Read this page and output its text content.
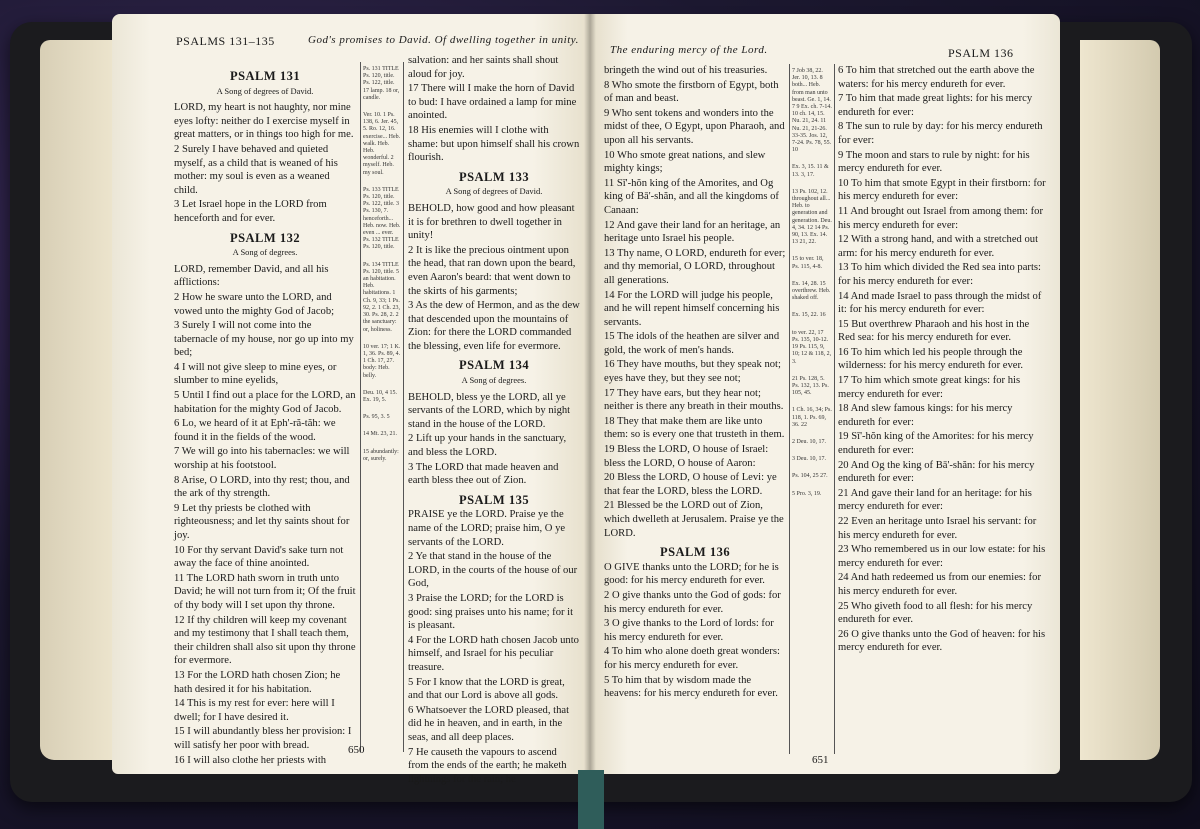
PSALMS 131–135	God's promises to David. Of dwelling together in unity.
PSALM 131
A Song of degrees of David.

LORD, my heart is not haughty, nor mine eyes lofty: neither do I exercise myself in great matters, or in things too high for me.

2 Surely I have behaved and quieted myself, as a child that is weaned of his mother: my soul is even as a weaned child.

3 Let Israel hope in the LORD from henceforth and for ever.

PSALM 132
A Song of degrees.

LORD, remember David, and all his afflictions:

2 How he sware unto the LORD, and vowed unto the mighty God of Jacob;

3 Surely I will not come into the tabernacle of my house, nor go up into my bed;

4 I will not give sleep to mine eyes, or slumber to mine eyelids,

5 Until I find out a place for the LORD, an habitation for the mighty God of Jacob.

6 Lo, we heard of it at Eph'-ră-tăh: we found it in the fields of the wood.

7 We will go into his tabernacles: we will worship at his footstool.

8 Arise, O LORD, into thy rest; thou, and the ark of thy strength.

9 Let thy priests be clothed with righteousness; and let thy saints shout for joy.

10 For thy servant David's sake turn not away the face of thine anointed.

11 The LORD hath sworn in truth unto David; he will not turn from it; Of the fruit of thy body will I set upon thy throne.

12 If thy children will keep my covenant and my testimony that I shall teach them, their children shall also sit upon thy throne for evermore.

13 For the LORD hath chosen Zion; he hath desired it for his habitation.

14 This is my rest for ever: here will I dwell; for I have desired it.

15 I will abundantly bless her provision: I will satisfy her poor with bread.

16 I will also clothe her priests with

Ps. 131 TITLE Ps. 120, title. Ps. 122, title. 17 lamp. 18 or, candle.
Ver. 10. 1 Ps. 138, 6. Jer. 45, 5. Ro. 12, 16. exercise... Heb. walk. Heb. Heb. wonderful. 2 myself. Heb. my soul.
Ps. 133 TITLE Ps. 120, title. Ps. 122, title. 3 Ps. 130, 7. henceforth... Heb. now. Heb. even ... ever. Ps. 132 TITLE Ps. 120, title.
Ps. 134 TITLE Ps. 120, title. 5 an habitation. Heb. habitations. 1 Ch. 9, 33; 1 Ps. 92, 2. 1 Ch. 23, 30. Ps. 28, 2. 2 the sanctuary: or, holiness.
10 ver. 17; 1 K. 1, 36. Ps. 89, 4. 1 Ch. 17, 27. body: Heb. belly.
Deu. 10, 4 15. Ex. 19, 5.
Ps. 95, 3. 5
14 Mt. 23, 21.
15 abundantly: or, surely.

salvation: and her saints shall shout aloud for joy.

17 There will I make the horn of David to bud: I have ordained a lamp for mine anointed.

18 His enemies will I clothe with shame: but upon himself shall his crown flourish.

PSALM 133
A Song of degrees of David.

BEHOLD, how good and how pleasant it is for brethren to dwell together in unity!

2 It is like the precious ointment upon the head, that ran down upon the beard, even Aaron's beard: that went down to the skirts of his garments;

3 As the dew of Hermon, and as the dew that descended upon the mountains of Zion: for there the LORD commanded the blessing, even life for evermore.

PSALM 134
A Song of degrees.

BEHOLD, bless ye the LORD, all ye servants of the LORD, which by night stand in the house of the LORD.

2 Lift up your hands in the sanctuary, and bless the LORD.

3 The LORD that made heaven and earth bless thee out of Zion.

PSALM 135

PRAISE ye the LORD. Praise ye the name of the LORD; praise him, O ye servants of the LORD.

2 Ye that stand in the house of the LORD, in the courts of the house of our God,

3 Praise the LORD; for the LORD is good: sing praises unto his name; for it is pleasant.

4 For the LORD hath chosen Jacob unto himself, and Israel for his peculiar treasure.

5 For I know that the LORD is great, and that our Lord is above all gods.

6 Whatsoever the LORD pleased, that did he in heaven, and in earth, in the seas, and all deep places.

7 He causeth the vapours to ascend from the ends of the earth; he maketh lightnings for the rain; he

650
The enduring mercy of the Lord.	PSALM 136

bringeth the wind out of his treasuries.

8 Who smote the firstborn of Egypt, both of man and beast.

9 Who sent tokens and wonders into the midst of thee, O Egypt, upon Pharaoh, and upon all his servants.

10 Who smote great nations, and slew mighty kings;

11 Sī'-hŏn king of the Amorites, and Og king of Bā'-shăn, and all the kingdoms of Canaan:

12 And gave their land for an heritage, an heritage unto Israel his people.

13 Thy name, O LORD, endureth for ever; and thy memorial, O LORD, throughout all generations.

14 For the LORD will judge his people, and he will repent himself concerning his servants.

15 The idols of the heathen are silver and gold, the work of men's hands.

16 They have mouths, but they speak not; eyes have they, but they see not;

17 They have ears, but they hear not; neither is there any breath in their mouths.

18 They that make them are like unto them: so is every one that trusteth in them.

19 Bless the LORD, O house of Israel: bless the LORD, O house of Aaron:

20 Bless the LORD, O house of Levi: ye that fear the LORD, bless the LORD.

21 Blessed be the LORD out of Zion, which dwelleth at Jerusalem. Praise ye the LORD.

PSALM 136

O GIVE thanks unto the LORD; for he is good: for his mercy endureth for ever.

2 O give thanks unto the God of gods: for his mercy endureth for ever.

3 O give thanks to the Lord of lords: for his mercy endureth for ever.

4 To him who alone doeth great wonders: for his mercy endureth for ever.

5 To him that by wisdom made the heavens: for his mercy endureth for ever.

7 Job 38, 22. Jer. 10, 13. 8 both... Heb. from man unto beast. Ge. 1, 14. 7 9 Ex. ch. 7-14. 10 ch. 14, 15. Nu. 21, 24. 11 Nu. 21, 21-26. 33-35. Jos. 12, 7-24. Ps. 78, 55. 10
Ex. 3, 15. 11 & 13. 3, 17.
13 Ps. 102, 12. throughout all... Heb. to generation and generation. Deu. 4, 34. 12 14 Ps. 90, 13. Ex. 14. 13 21, 22.
15 to ver. 18, Ps. 115, 4-8.
Ex. 14, 28. 15 overthrew. Heb. shaked off.
Ex. 15, 22. 16
to ver. 22, 17 Ps. 135, 10-12. 19 Ps. 115, 9, 10; 12 & 118, 2, 3.
21 Ps. 128, 5. Ps. 132, 13. Ps. 105, 45.
1 Ch. 16, 34; Ps. 118, 1. Ps. 69, 36. 22
2 Deu. 10, 17.
3 Deu. 10, 17.
Ps. 104, 25 27.
5 Pro. 3, 19.

6 To him that stretched out the earth above the waters: for his mercy endureth for ever.

7 To him that made great lights: for his mercy endureth for ever:

8 The sun to rule by day: for his mercy endureth for ever:

9 The moon and stars to rule by night: for his mercy endureth for ever.

10 To him that smote Egypt in their firstborn: for his mercy endureth for ever:

11 And brought out Israel from among them: for his mercy endureth for ever:

12 With a strong hand, and with a stretched out arm: for his mercy endureth for ever.

13 To him which divided the Red sea into parts: for his mercy endureth for ever:

14 And made Israel to pass through the midst of it: for his mercy endureth for ever:

15 But overthrew Pharaoh and his host in the Red sea: for his mercy endureth for ever.

16 To him which led his people through the wilderness: for his mercy endureth for ever.

17 To him which smote great kings: for his mercy endureth for ever:

18 And slew famous kings: for his mercy endureth for ever:

19 Sī'-hŏn king of the Amorites: for his mercy endureth for ever:

20 And Og the king of Bā'-shăn: for his mercy endureth for ever:

21 And gave their land for an heritage: for his mercy endureth for ever:

22 Even an heritage unto Israel his servant: for his mercy endureth for ever.

23 Who remembered us in our low estate: for his mercy endureth for ever:

24 And hath redeemed us from our enemies: for his mercy endureth for ever.

25 Who giveth food to all flesh: for his mercy endureth for ever.

26 O give thanks unto the God of heaven: for his mercy endureth for ever.

651
